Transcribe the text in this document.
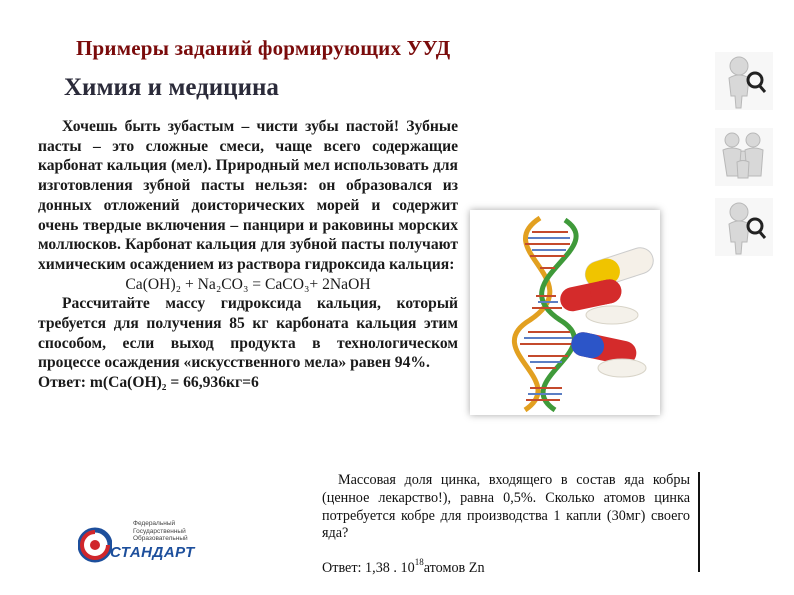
Примеры заданий формирующих УУД
Химия и медицина

Хочешь быть зубастым – чисти зубы пастой! Зубные пасты – это сложные смеси, чаще всего содержащие карбонат кальция (мел). Природный мел использовать для изготовления зубной пасты нельзя: он образовался из донных отложений доисторических морей и содержит очень твердые включения – панцири и раковины морских моллюсков. Карбонат кальция для зубной пасты получают химическим осаждением из раствора гидроксида кальция:

Ca(OH)₂ + Na₂CO₃ = CaCO₃+ 2NaOH

Рассчитайте массу гидроксида кальция, который требуется для получения 85 кг карбоната кальция этим способом, если выход продукта в технологическом процессе осаждения «искусственного мела» равен 94%.

Ответ: m(Ca(OH)₂ = 66,936кг=6

Массовая доля цинка, входящего в состав яда кобры (ценное лекарство!), равна 0,5%. Сколько атомов цинка потребуется кобре для производства 1 капли (30мг) своего яда?
Ответ: 1,38 . $10^{18}атомов$ Zn
Федеральный
Государственный
Образовательный
СТАНДАРТ
